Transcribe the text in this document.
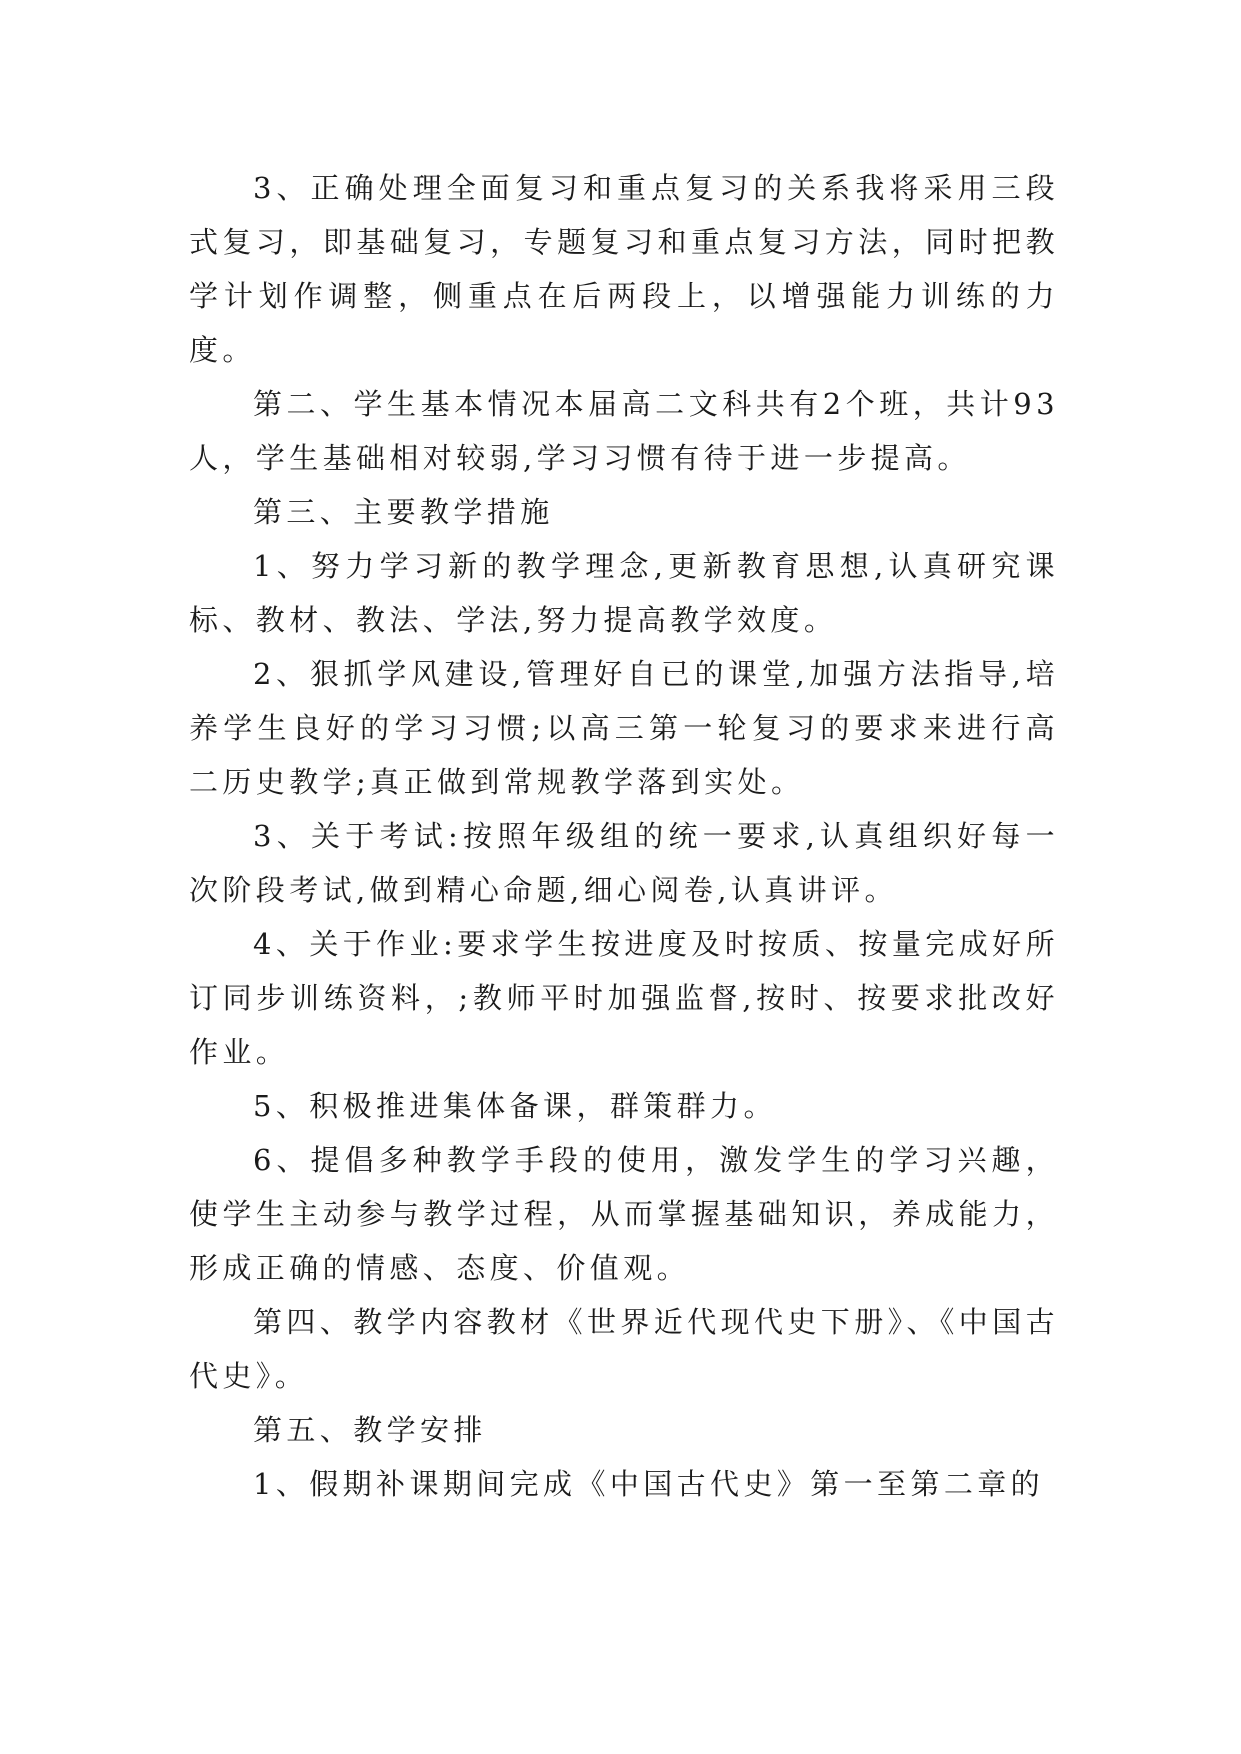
3、正确处理全面复习和重点复习的关系我将采用三段式复习，即基础复习，专题复习和重点复习方法，同时把教学计划作调整，侧重点在后两段上，以增强能力训练的力度。

第二、学生基本情况本届高二文科共有2个班，共计93人，学生基础相对较弱,学习习惯有待于进一步提高。

第三、主要教学措施

1、努力学习新的教学理念,更新教育思想,认真研究课标、教材、教法、学法,努力提高教学效度。

2、狠抓学风建设,管理好自已的课堂,加强方法指导,培养学生良好的学习习惯;以高三第一轮复习的要求来进行高二历史教学;真正做到常规教学落到实处。

3、关于考试:按照年级组的统一要求,认真组织好每一次阶段考试,做到精心命题,细心阅卷,认真讲评。

4、关于作业:要求学生按进度及时按质、按量完成好所订同步训练资料，;教师平时加强监督,按时、按要求批改好作业。

5、积极推进集体备课，群策群力。

6、提倡多种教学手段的使用，激发学生的学习兴趣，使学生主动参与教学过程，从而掌握基础知识，养成能力，形成正确的情感、态度、价值观。

第四、教学内容教材《世界近代现代史下册》、《中国古代史》。

第五、教学安排

1、假期补课期间完成《中国古代史》第一至第二章的
